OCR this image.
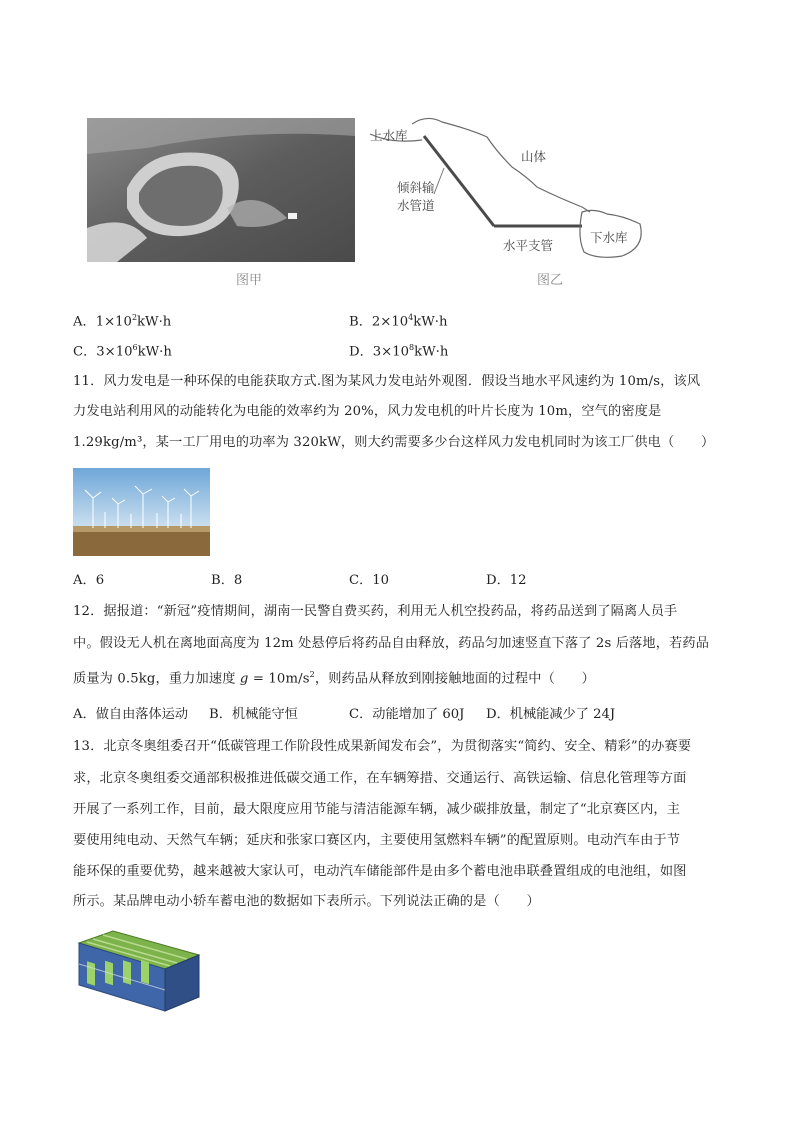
图甲
上水库
山体
倾斜输
水管道
水平支管
下水库
图乙
A．$1\times 10^2kW\cdot h$	B．$2\times 10^4kW\cdot h$
C．$3\times 10^6kW\cdot h$	D．$3\times 10^8kW\cdot h$
11．风力发电是一种环保的电能获取方式.图为某风力发电站外观图．假设当地水平风速约为 10m/s，该风
力发电站利用风的动能转化为电能的效率约为 20%，风力发电机的叶片长度为 10m，空气的密度是
1.29kg/m³，某一工厂用电的功率为 320kW，则大约需要多少台这样风力发电机同时为该工厂供电（　　）
A．6	B．8	C．10	D．12
12．据报道：“新冠”疫情期间，湖南一民警自费买药，利用无人机空投药品，将药品送到了隔离人员手
中。假设无人机在离地面高度为 12m 处悬停后将药品自由释放，药品匀加速竖直下落了 2s 后落地，若药品
质量为 0.5kg，重力加速度 $g = 10m/s^2$，则药品从释放到刚接触地面的过程中（　　）
A．做自由落体运动 B．机械能守恒	C．动能增加了 60J D．机械能减少了 24J
13．北京冬奥组委召开“低碳管理工作阶段性成果新闻发布会”，为贯彻落实“简约、安全、精彩”的办赛要
求，北京冬奥组委交通部积极推进低碳交通工作，在车辆筹措、交通运行、高铁运输、信息化管理等方面
开展了一系列工作，目前，最大限度应用节能与清洁能源车辆，减少碳排放量，制定了“北京赛区内，主
要使用纯电动、天然气车辆；延庆和张家口赛区内，主要使用氢燃料车辆”的配置原则。电动汽车由于节
能环保的重要优势，越来越被大家认可，电动汽车储能部件是由多个蓄电池串联叠置组成的电池组，如图
所示。某品牌电动小轿车蓄电池的数据如下表所示。下列说法正确的是（　　）
